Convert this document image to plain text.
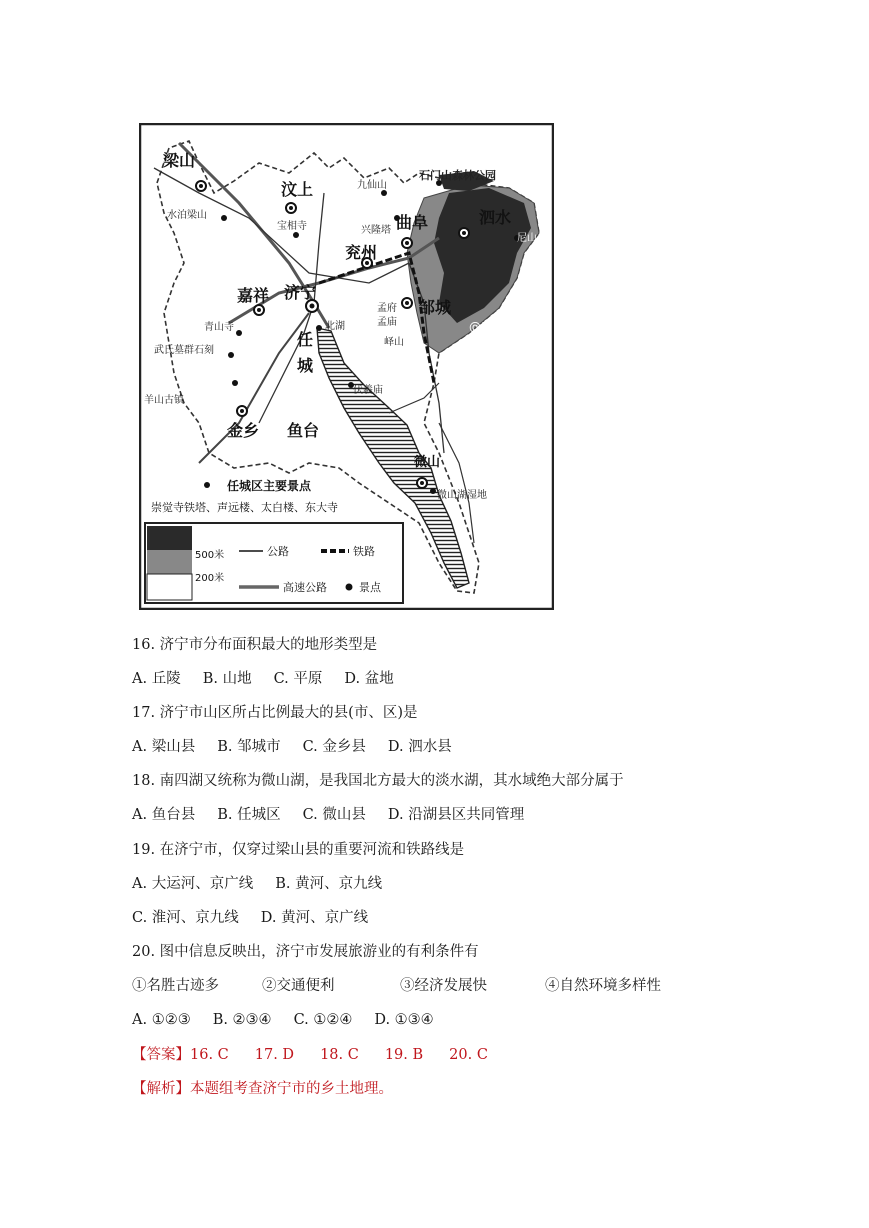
梁山
汶上
济宁
嘉祥
兖州
曲阜	泗水
邹城
任
城
金乡 鱼台
微山
水泊梁山
宝相寺
九仙山
石门山森林公园
兴隆塔
孟府
孟庙
峄山
青山寺
武氏墓群石刻
羊山古镇
北湖
伏羲庙
微山湖湿地
尼山
@正确教育
任城区主要景点
崇觉寺铁塔、声远楼、太白楼、东大寺
500米
200米
公路	铁路
高速公路	景点
16. 济宁市分布面积最大的地形类型是
A. 丘陵 B. 山地 C. 平原 D. 盆地
17. 济宁市山区所占比例最大的县(市、区)是
A. 梁山县 B. 邹城市 C. 金乡县 D. 泗水县
18. 南四湖又统称为微山湖，是我国北方最大的淡水湖，其水域绝大部分属于
A. 鱼台县 B. 任城区 C. 微山县 D. 沿湖县区共同管理
19. 在济宁市，仅穿过梁山县的重要河流和铁路线是
A. 大运河、京广线 B. 黄河、京九线
C. 淮河、京九线 D. 黄河、京广线
20. 图中信息反映出，济宁市发展旅游业的有利条件有
①名胜古迹多	②交通便利	③经济发展快	④自然环境多样性
A. ①②③ B. ②③④ C. ①②④ D. ①③④
【答案】16. C 17. D 18. C 19. B 20. C
【解析】本题组考查济宁市的乡土地理。
